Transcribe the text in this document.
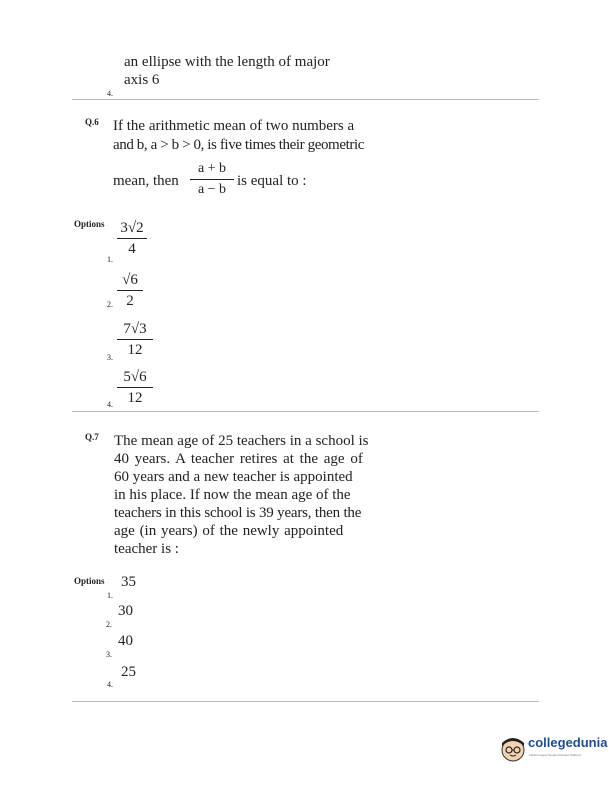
an ellipse with the length of major
axis 6
4.
Q.6 If the arithmetic mean of two numbers a
and b, a > b > 0, is five times their geometric
mean, then
a + b
a − b
is equal to :
Options 3√2
4
1.
√6
2
2.
7√3
12
3.
5√6
12
4.
Q.7 The mean age of 25 teachers in a school is
40 years. A teacher retires at the age of
60 years and a new teacher is appointed
in his place. If now the mean age of the
teachers in this school is 39 years, then the
age (in years) of the newly appointed
teacher is :
Options 35
1.
30
2.
40
3.
25
4.
collegedunia
India's largest Student Review Platform
